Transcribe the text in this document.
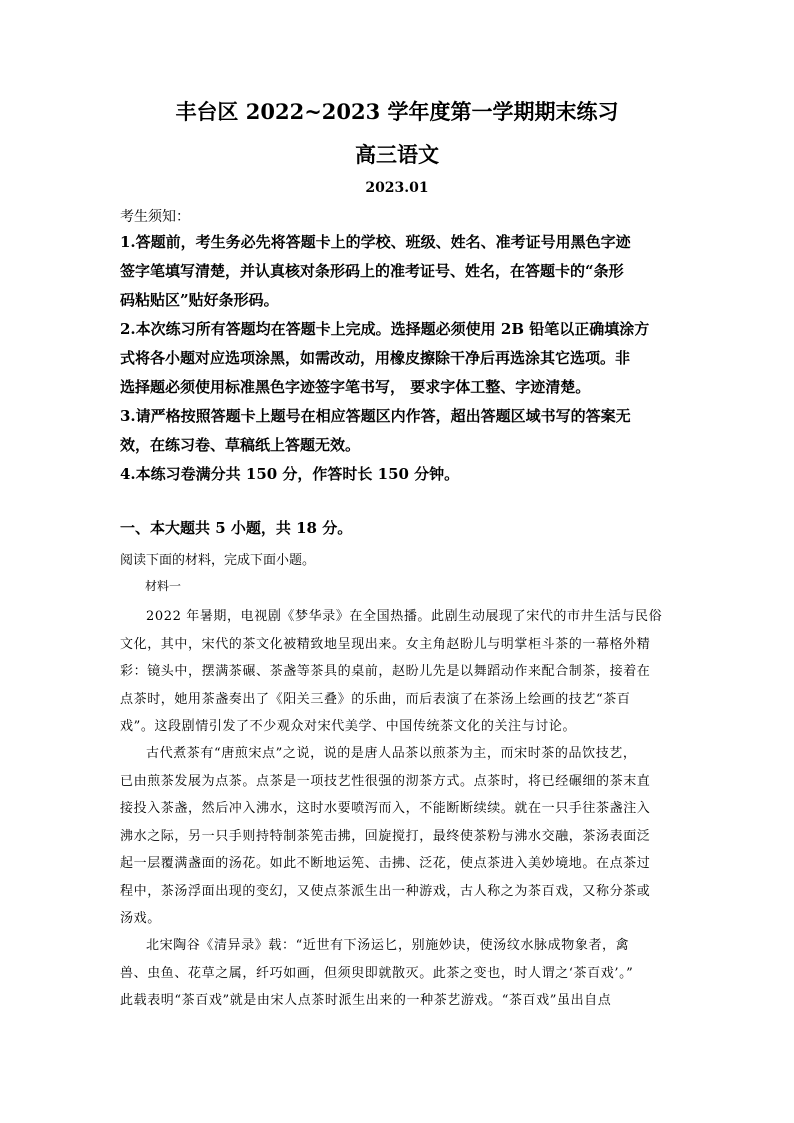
丰台区 2022~2023 学年度第一学期期末练习
高三语文
2023.01
考生须知：
1.答题前，考生务必先将答题卡上的学校、班级、姓名、准考证号用黑色字迹
签字笔填写清楚，并认真核对条形码上的准考证号、姓名，在答题卡的“条形
码粘贴区”贴好条形码。
2.本次练习所有答题均在答题卡上完成。选择题必须使用 2B 铅笔以正确填涂方
式将各小题对应选项涂黑，如需改动，用橡皮擦除干净后再选涂其它选项。非
选择题必须使用标准黑色字迹签字笔书写， 要求字体工整、字迹清楚。
3.请严格按照答题卡上题号在相应答题区内作答，超出答题区域书写的答案无
效，在练习卷、草稿纸上答题无效。
4.本练习卷满分共 150 分，作答时长 150 分钟。
一、本大题共 5 小题，共 18 分。
阅读下面的材料，完成下面小题。
材料一
2022 年暑期，电视剧《梦华录》在全国热播。此剧生动展现了宋代的市井生活与民俗
文化，其中，宋代的茶文化被精致地呈现出来。女主角赵盼儿与明掌柜斗茶的一幕格外精
彩：镜头中，摆满茶碾、茶盏等茶具的桌前，赵盼儿先是以舞蹈动作来配合制茶，接着在
点茶时，她用茶盏奏出了《阳关三叠》的乐曲，而后表演了在茶汤上绘画的技艺“茶百
戏”。这段剧情引发了不少观众对宋代美学、中国传统茶文化的关注与讨论。
古代煮茶有“唐煎宋点”之说，说的是唐人品茶以煎茶为主，而宋时茶的品饮技艺，
已由煎茶发展为点茶。点茶是一项技艺性很强的沏茶方式。点茶时，将已经碾细的茶末直
接投入茶盏，然后冲入沸水，这时水要喷泻而入，不能断断续续。就在一只手往茶盏注入
沸水之际，另一只手则持特制茶筅击拂，回旋搅打，最终使茶粉与沸水交融，茶汤表面泛
起一层覆满盏面的汤花。如此不断地运筅、击拂、泛花，使点茶进入美妙境地。在点茶过
程中，茶汤浮面出现的变幻，又使点茶派生出一种游戏，古人称之为茶百戏，又称分茶或
汤戏。
北宋陶谷《清异录》载：“近世有下汤运匕，别施妙诀，使汤纹水脉成物象者，禽
兽、虫鱼、花草之属，纤巧如画，但须臾即就散灭。此茶之变也，时人谓之‘茶百戏’。”
此载表明“茶百戏”就是由宋人点茶时派生出来的一种茶艺游戏。“茶百戏”虽出自点
